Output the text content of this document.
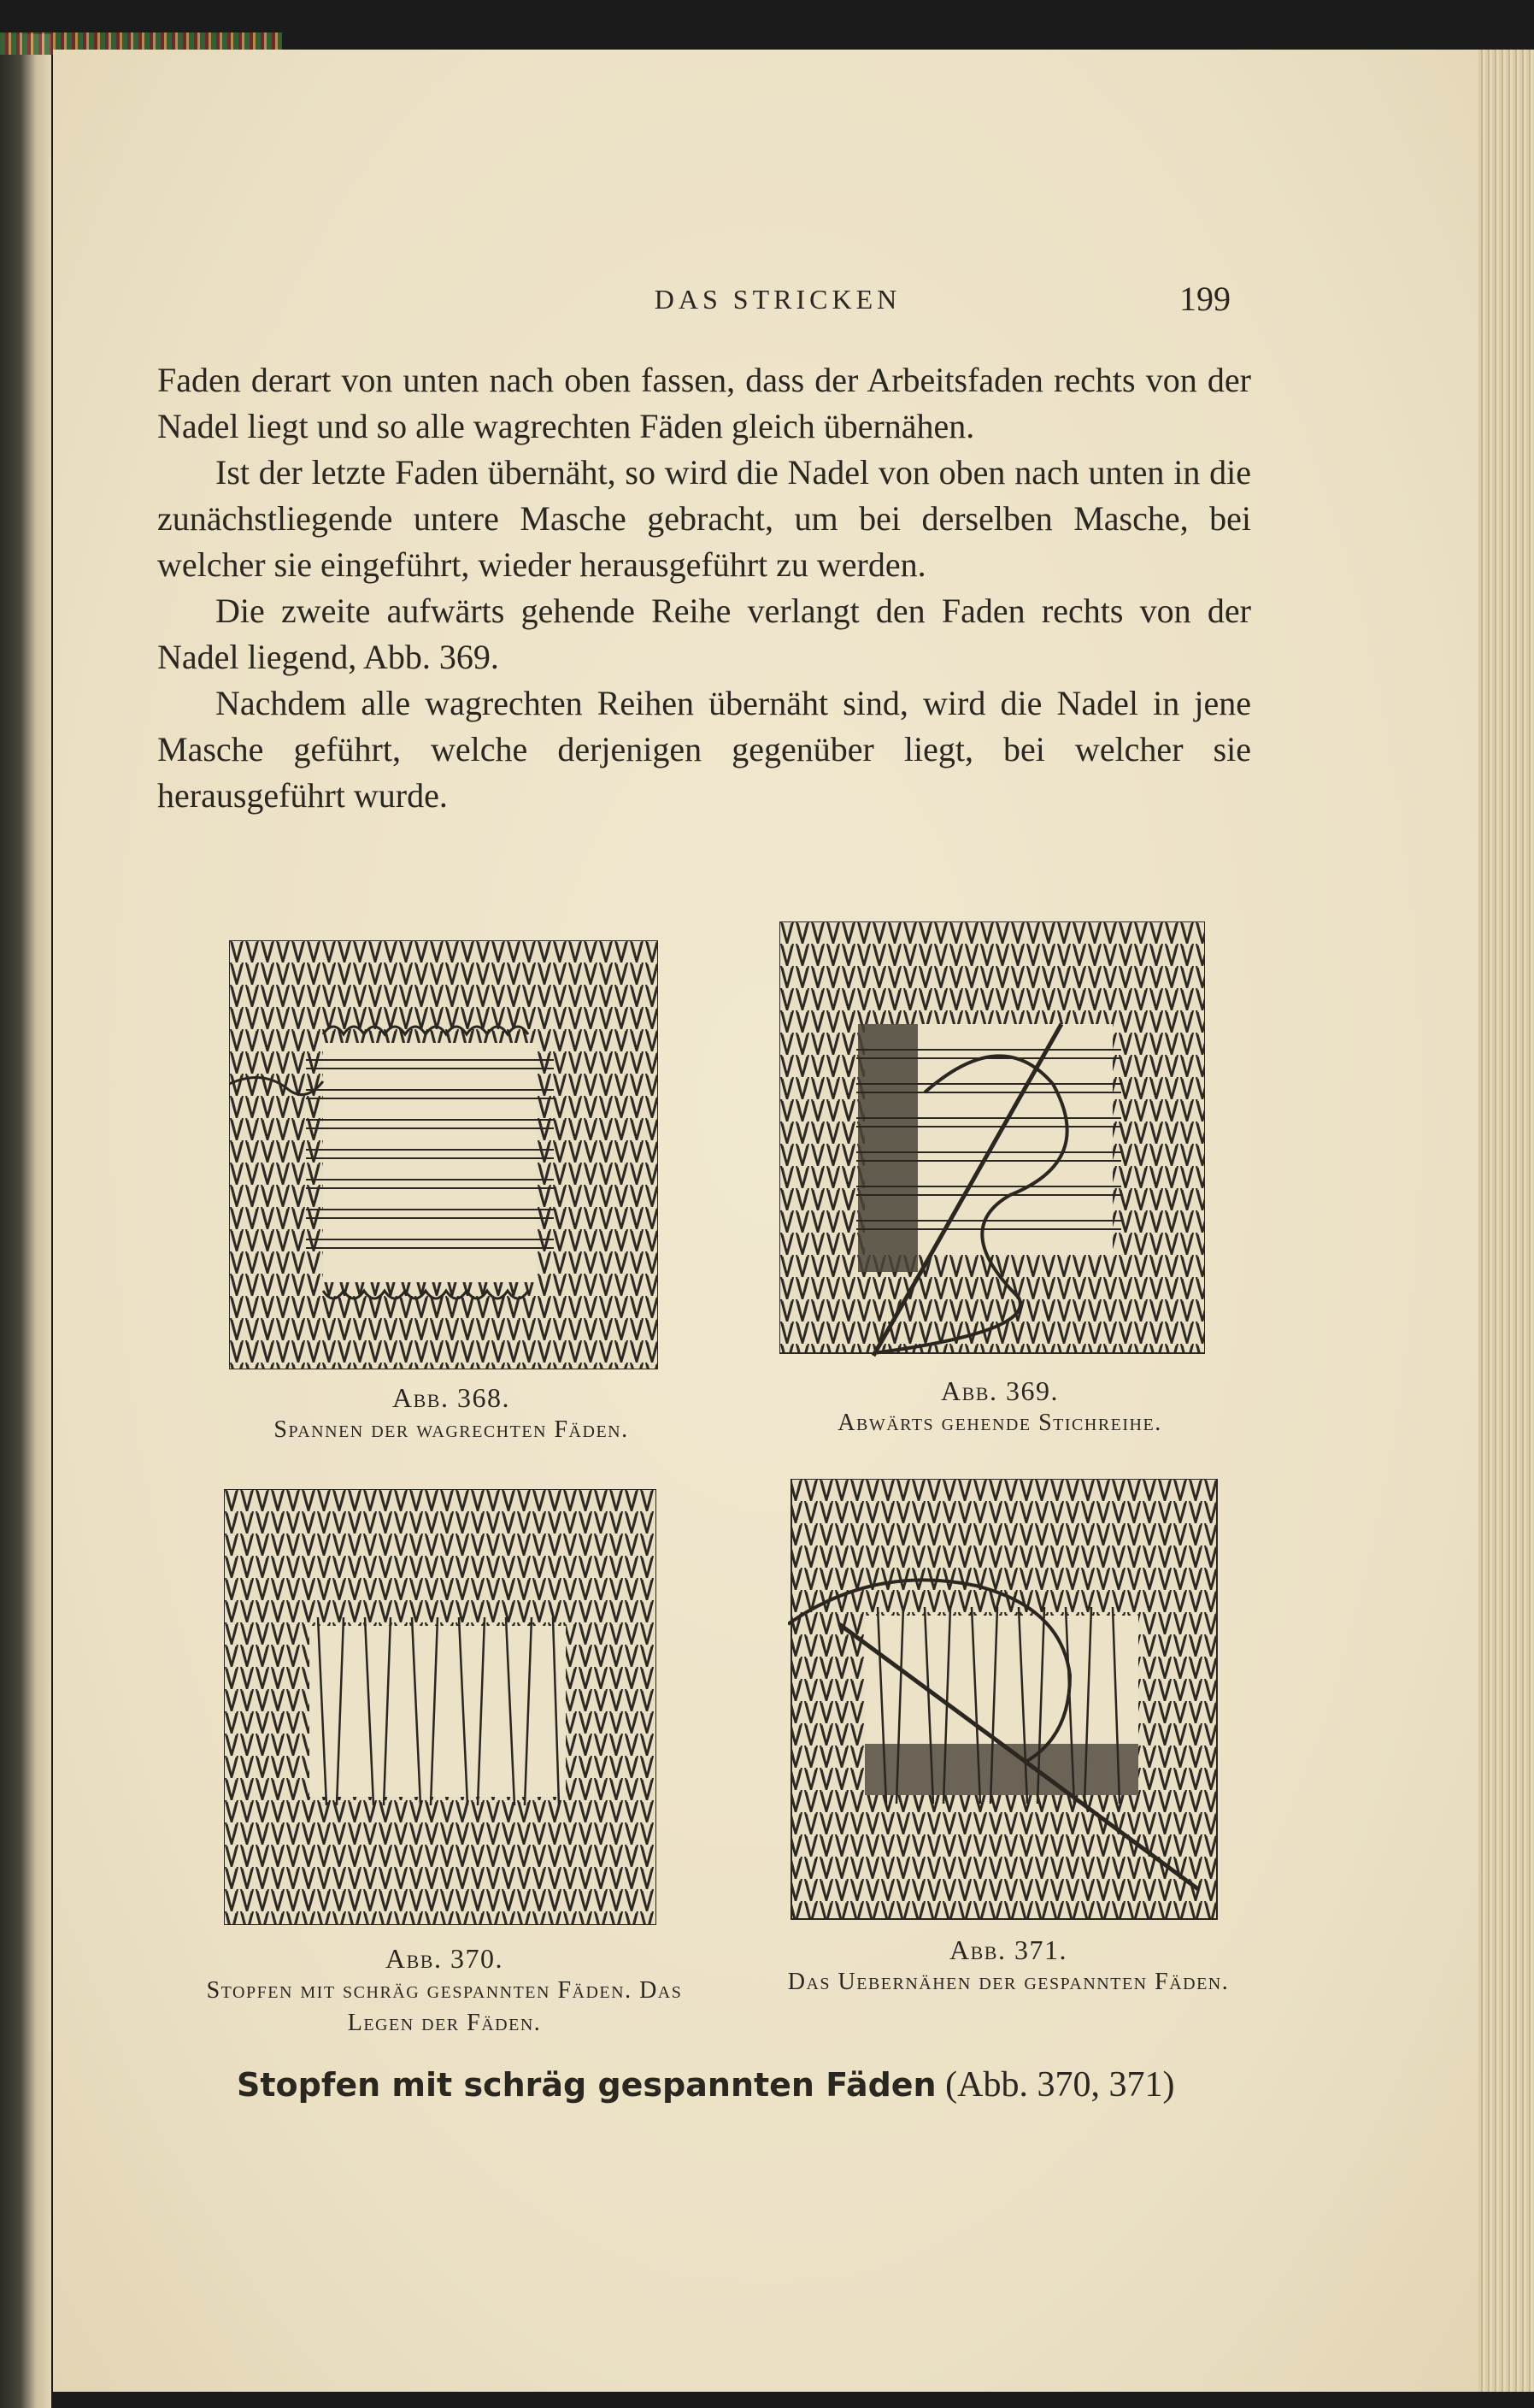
DAS STRICKEN	199

Faden derart von unten nach oben fassen, dass der Arbeitsfaden rechts von der Nadel liegt und so alle wagrechten Fäden gleich übernähen.

Ist der letzte Faden übernäht, so wird die Nadel von oben nach unten in die zunächstliegende untere Masche gebracht, um bei derselben Masche, bei welcher sie eingeführt, wieder herausgeführt zu werden.

Die zweite aufwärts gehende Reihe verlangt den Faden rechts von der Nadel liegend, Abb. 369.

Nachdem alle wagrechten Reihen übernäht sind, wird die Nadel in jene Masche geführt, welche derjenigen gegenüber liegt, bei welcher sie herausgeführt wurde.

Abb. 368.
Spannen der wagrechten Fäden.
Abb. 369.
Abwärts gehende Stichreihe.
Abb. 370.
Stopfen mit schräg gespannten Fäden. Das Legen der Fäden.
Abb. 371.
Das Uebernähen der gespannten Fäden.
Stopfen mit schräg gespannten Fäden (Abb. 370, 371)
